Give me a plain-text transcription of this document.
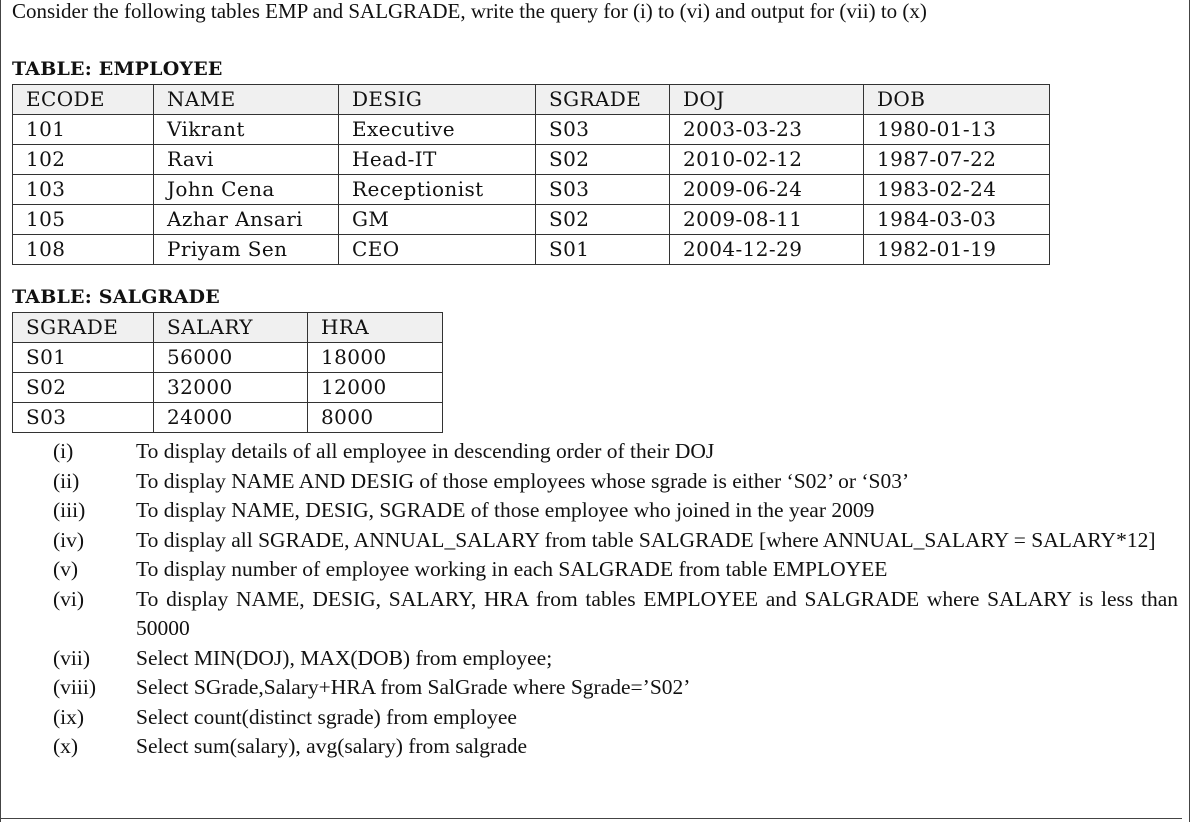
Consider the following tables EMP and SALGRADE, write the query for (i) to (vi) and output for (vii) to (x)
TABLE: EMPLOYEE
ECODE	NAME	DESIG	SGRADE	DOJ	DOB
101	Vikrant	Executive	S03	2003-03-23	1980-01-13
102	Ravi	Head-IT	S02	2010-02-12	1987-07-22
103	John Cena	Receptionist	S03	2009-06-24	1983-02-24
105	Azhar Ansari	GM	S02	2009-08-11	1984-03-03
108	Priyam Sen	CEO	S01	2004-12-29	1982-01-19
TABLE: SALGRADE
SGRADE	SALARY	HRA
S01	56000	18000
S02	32000	12000
S03	24000	8000
(i)	To display details of all employee in descending order of their DOJ
(ii)	To display NAME AND DESIG of those employees whose sgrade is either ‘S02’ or ‘S03’
(iii) To display NAME, DESIG, SGRADE of those employee who joined in the year 2009
(iv) To display all SGRADE, ANNUAL_SALARY from table SALGRADE [where ANNUAL_SALARY = SALARY*12]
(v)	To display number of employee working in each SALGRADE from table EMPLOYEE
(vi) To display NAME, DESIG, SALARY, HRA from tables EMPLOYEE and SALGRADE where SALARY is less than 50000
(vii) Select MIN(DOJ), MAX(DOB) from employee;
(viii) Select SGrade,Salary+HRA from SalGrade where Sgrade=’S02’
(ix) Select count(distinct sgrade) from employee
(x)	Select sum(salary), avg(salary) from salgrade
